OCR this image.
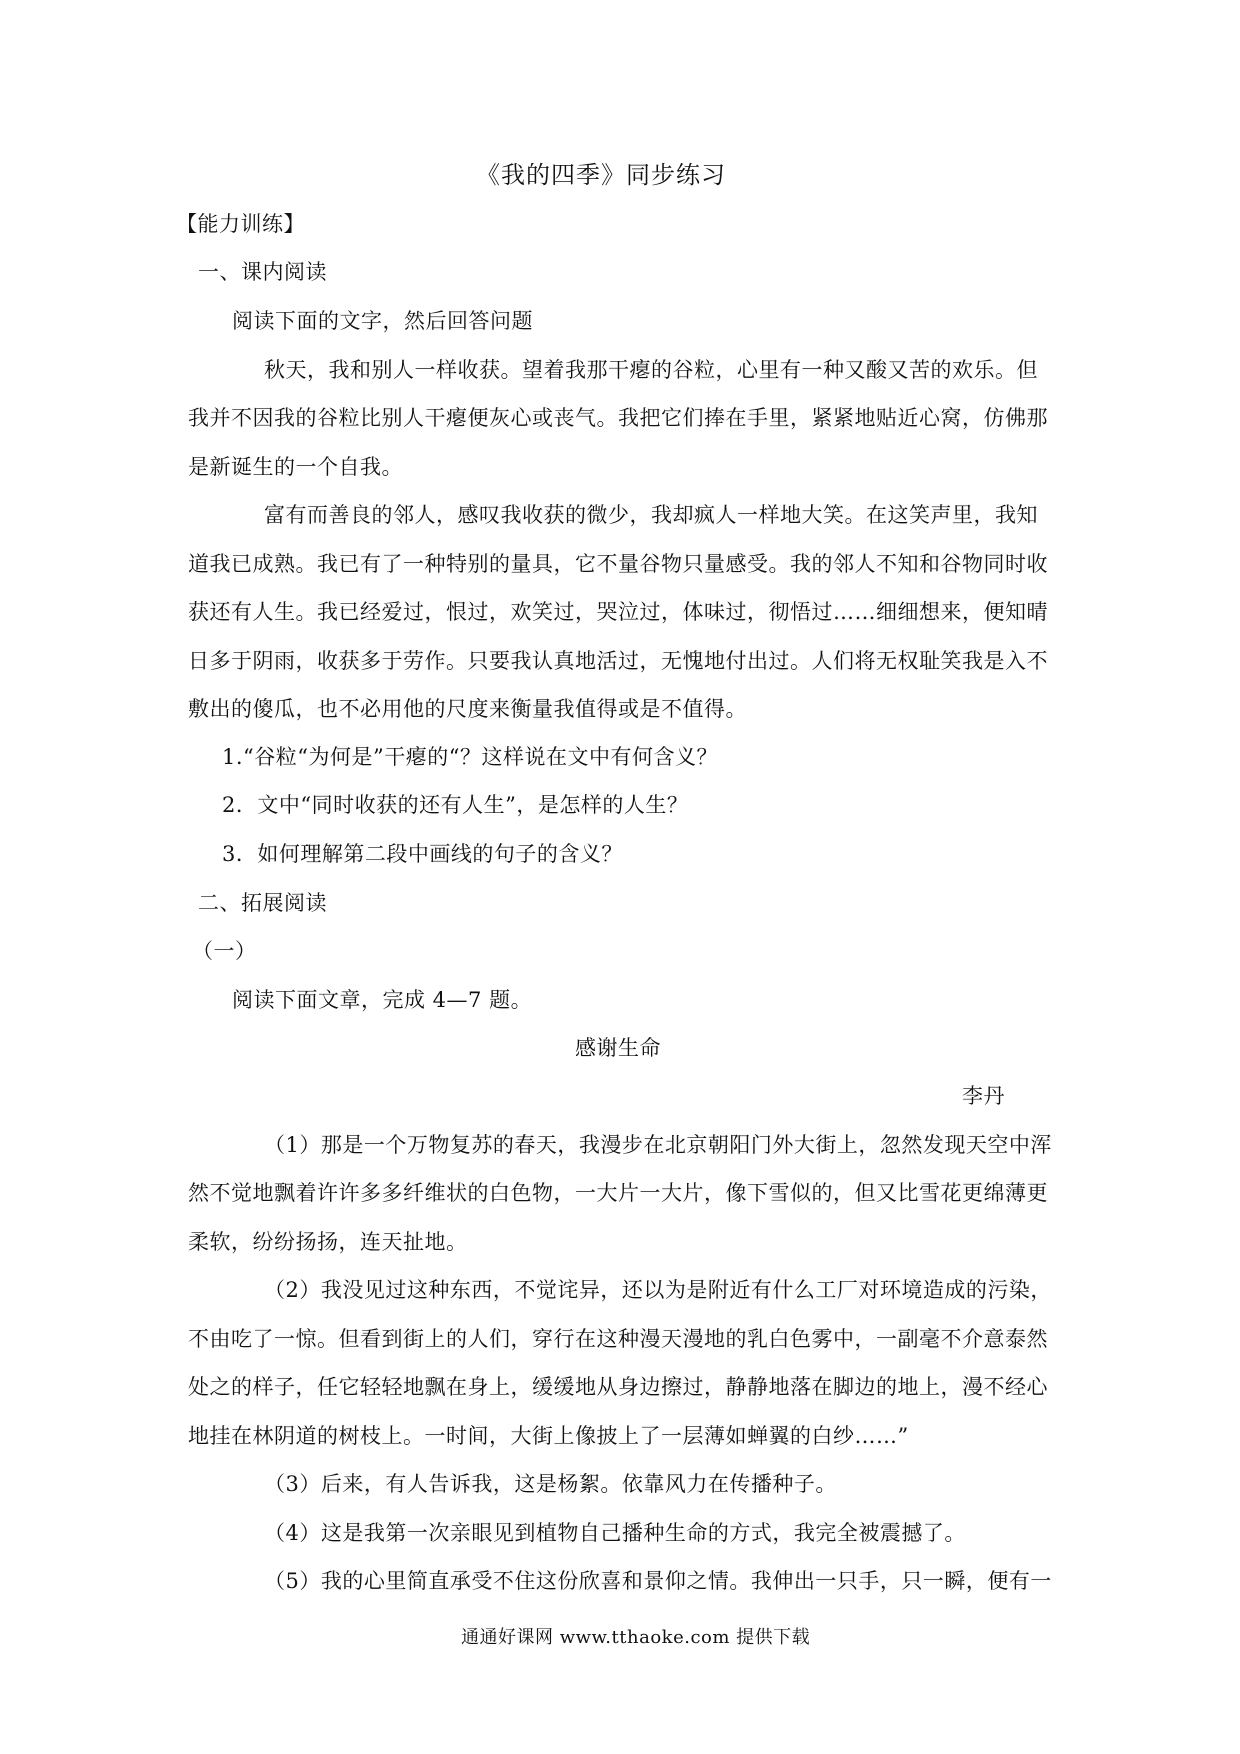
《我的四季》同步练习
【能力训练】
一、课内阅读
阅读下面的文字，然后回答问题
秋天，我和别人一样收获。望着我那干瘪的谷粒，心里有一种又酸又苦的欢乐。但
我并不因我的谷粒比别人干瘪便灰心或丧气。我把它们捧在手里，紧紧地贴近心窝，仿佛那
是新诞生的一个自我。
富有而善良的邻人，感叹我收获的微少，我却疯人一样地大笑。在这笑声里，我知
道我已成熟。我已有了一种特别的量具，它不量谷物只量感受。我的邻人不知和谷物同时收
获还有人生。我已经爱过，恨过，欢笑过，哭泣过，体味过，彻悟过……细细想来，便知晴
日多于阴雨，收获多于劳作。只要我认真地活过，无愧地付出过。人们将无权耻笑我是入不
敷出的傻瓜，也不必用他的尺度来衡量我值得或是不值得。
1.“谷粒“为何是”干瘪的“？这样说在文中有何含义？
2．文中“同时收获的还有人生”，是怎样的人生？
3．如何理解第二段中画线的句子的含义？
二、拓展阅读
（一）
阅读下面文章，完成 4—7 题。
感谢生命
李丹
（1）那是一个万物复苏的春天，我漫步在北京朝阳门外大街上，忽然发现天空中浑
然不觉地飘着许许多多纤维状的白色物，一大片一大片，像下雪似的，但又比雪花更绵薄更
柔软，纷纷扬扬，连天扯地。
（2）我没见过这种东西，不觉诧异，还以为是附近有什么工厂对环境造成的污染，
不由吃了一惊。但看到街上的人们，穿行在这种漫天漫地的乳白色雾中，一副毫不介意泰然
处之的样子，任它轻轻地飘在身上，缓缓地从身边擦过，静静地落在脚边的地上，漫不经心
地挂在林阴道的树枝上。一时间，大街上像披上了一层薄如蝉翼的白纱……”
（3）后来，有人告诉我，这是杨絮。依靠风力在传播种子。
（4）这是我第一次亲眼见到植物自己播种生命的方式，我完全被震撼了。
（5）我的心里简直承受不住这份欣喜和景仰之情。我伸出一只手，只一瞬，便有一
通通好课网 www.tthaoke.com 提供下载
